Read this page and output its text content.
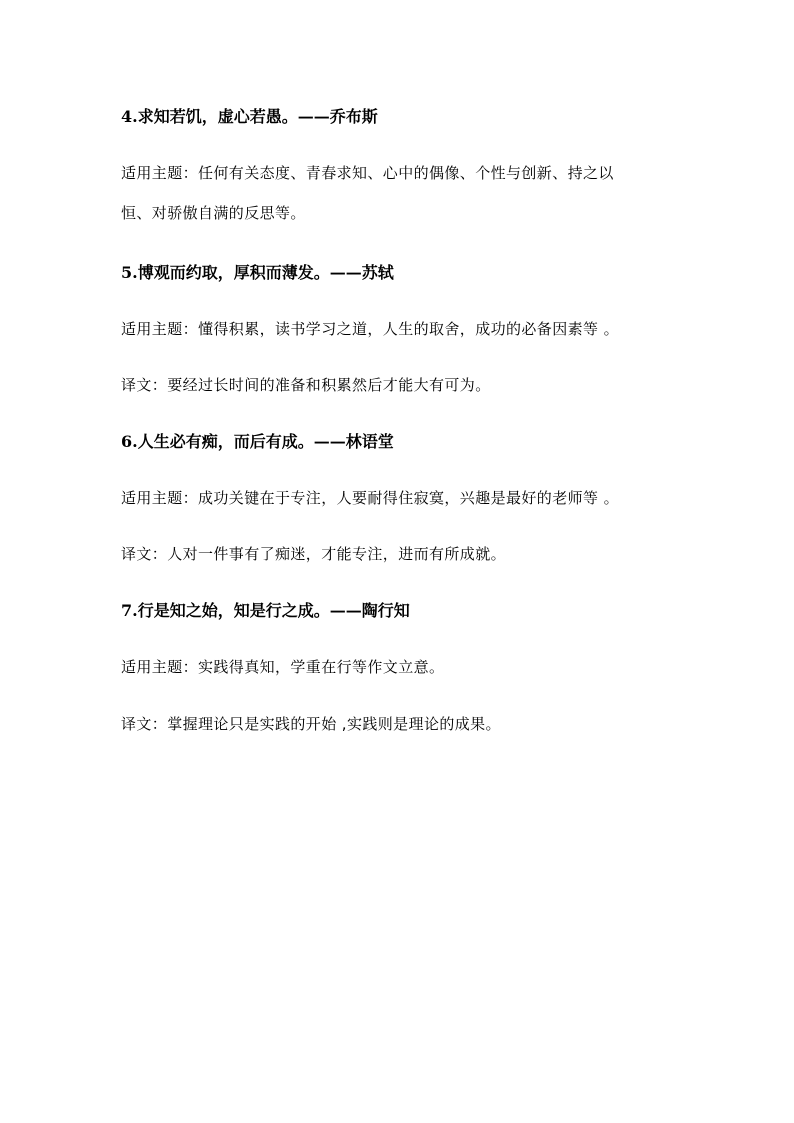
4.求知若饥，虚心若愚。——乔布斯
适用主题：任何有关态度、青春求知、心中的偶像、个性与创新、持之以
恒、对骄傲自满的反思等。
5.博观而约取，厚积而薄发。——苏轼
适用主题：懂得积累，读书学习之道，人生的取舍，成功的必备因素等 。
译文：要经过长时间的准备和积累然后才能大有可为。
6.人生必有痴，而后有成。——林语堂
适用主题：成功关键在于专注，人要耐得住寂寞，兴趣是最好的老师等 。
译文：人对一件事有了痴迷，才能专注，进而有所成就。
7.行是知之始，知是行之成。——陶行知
适用主题：实践得真知，学重在行等作文立意。
译文：掌握理论只是实践的开始 ,实践则是理论的成果。
